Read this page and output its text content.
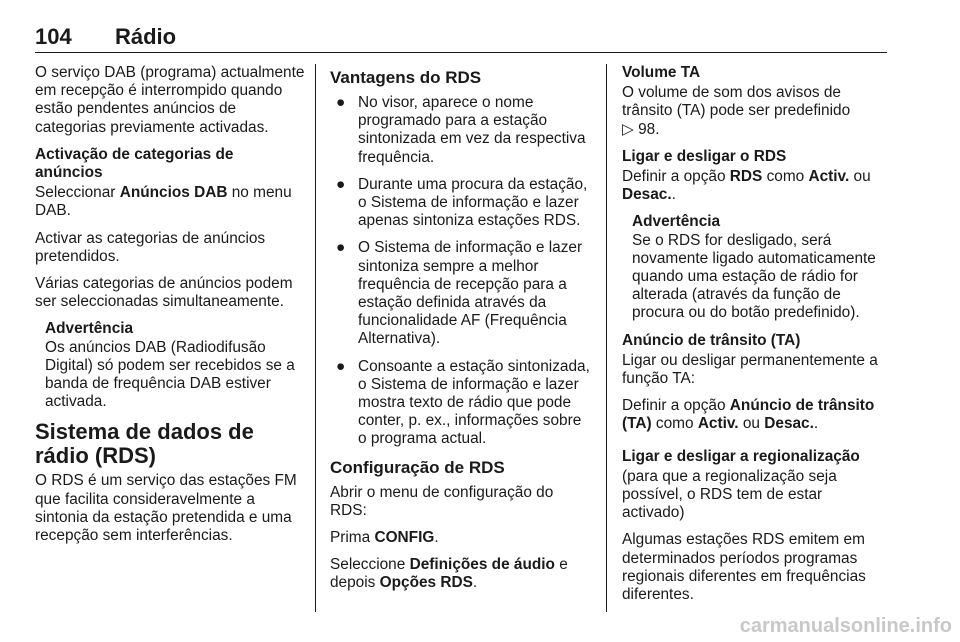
104 Rádio

O serviço DAB (programa) actualmente em recepção é interrompido quando estão pendentes anúncios de categorias previamente activadas.

Activação de categorias de anúncios

Seleccionar Anúncios DAB no menu DAB.

Activar as categorias de anúncios pretendidos.

Várias categorias de anúncios podem ser seleccionadas simultaneamente.

Advertência
Os anúncios DAB (Radiodifusão Digital) só podem ser recebidos se a banda de frequência DAB estiver activada.
Sistema de dados de rádio (RDS)

O RDS é um serviço das estações FM que facilita consideravelmente a sintonia da estação pretendida e uma recepção sem interferências.

Vantagens do RDS
● No visor, aparece o nome programado para a estação sintonizada em vez da respectiva frequência.
● Durante uma procura da estação, o Sistema de informação e lazer apenas sintoniza estações RDS.
● O Sistema de informação e lazer sintoniza sempre a melhor frequência de recepção para a estação definida através da funcionalidade AF (Frequência Alternativa).
● Consoante a estação sintonizada, o Sistema de informação e lazer mostra texto de rádio que pode conter, p. ex., informações sobre o programa actual.
Configuração de RDS

Abrir o menu de configuração do RDS:

Prima CONFIG.

Seleccione Definições de áudio e depois Opções RDS.

Volume TA

O volume de som dos avisos de trânsito (TA) pode ser predefinido
▷ 98.

Ligar e desligar o RDS

Definir a opção RDS como Activ. ou Desac..

Advertência
Se o RDS for desligado, será novamente ligado automaticamente quando uma estação de rádio for alterada (através da função de procura ou do botão predefinido).

Anúncio de trânsito (TA)

Ligar ou desligar permanentemente a função TA:

Definir a opção Anúncio de trânsito (TA) como Activ. ou Desac..

Ligar e desligar a regionalização

(para que a regionalização seja possível, o RDS tem de estar activado)

Algumas estações RDS emitem em determinados períodos programas regionais diferentes em frequências diferentes.

carmanualsonline.info
